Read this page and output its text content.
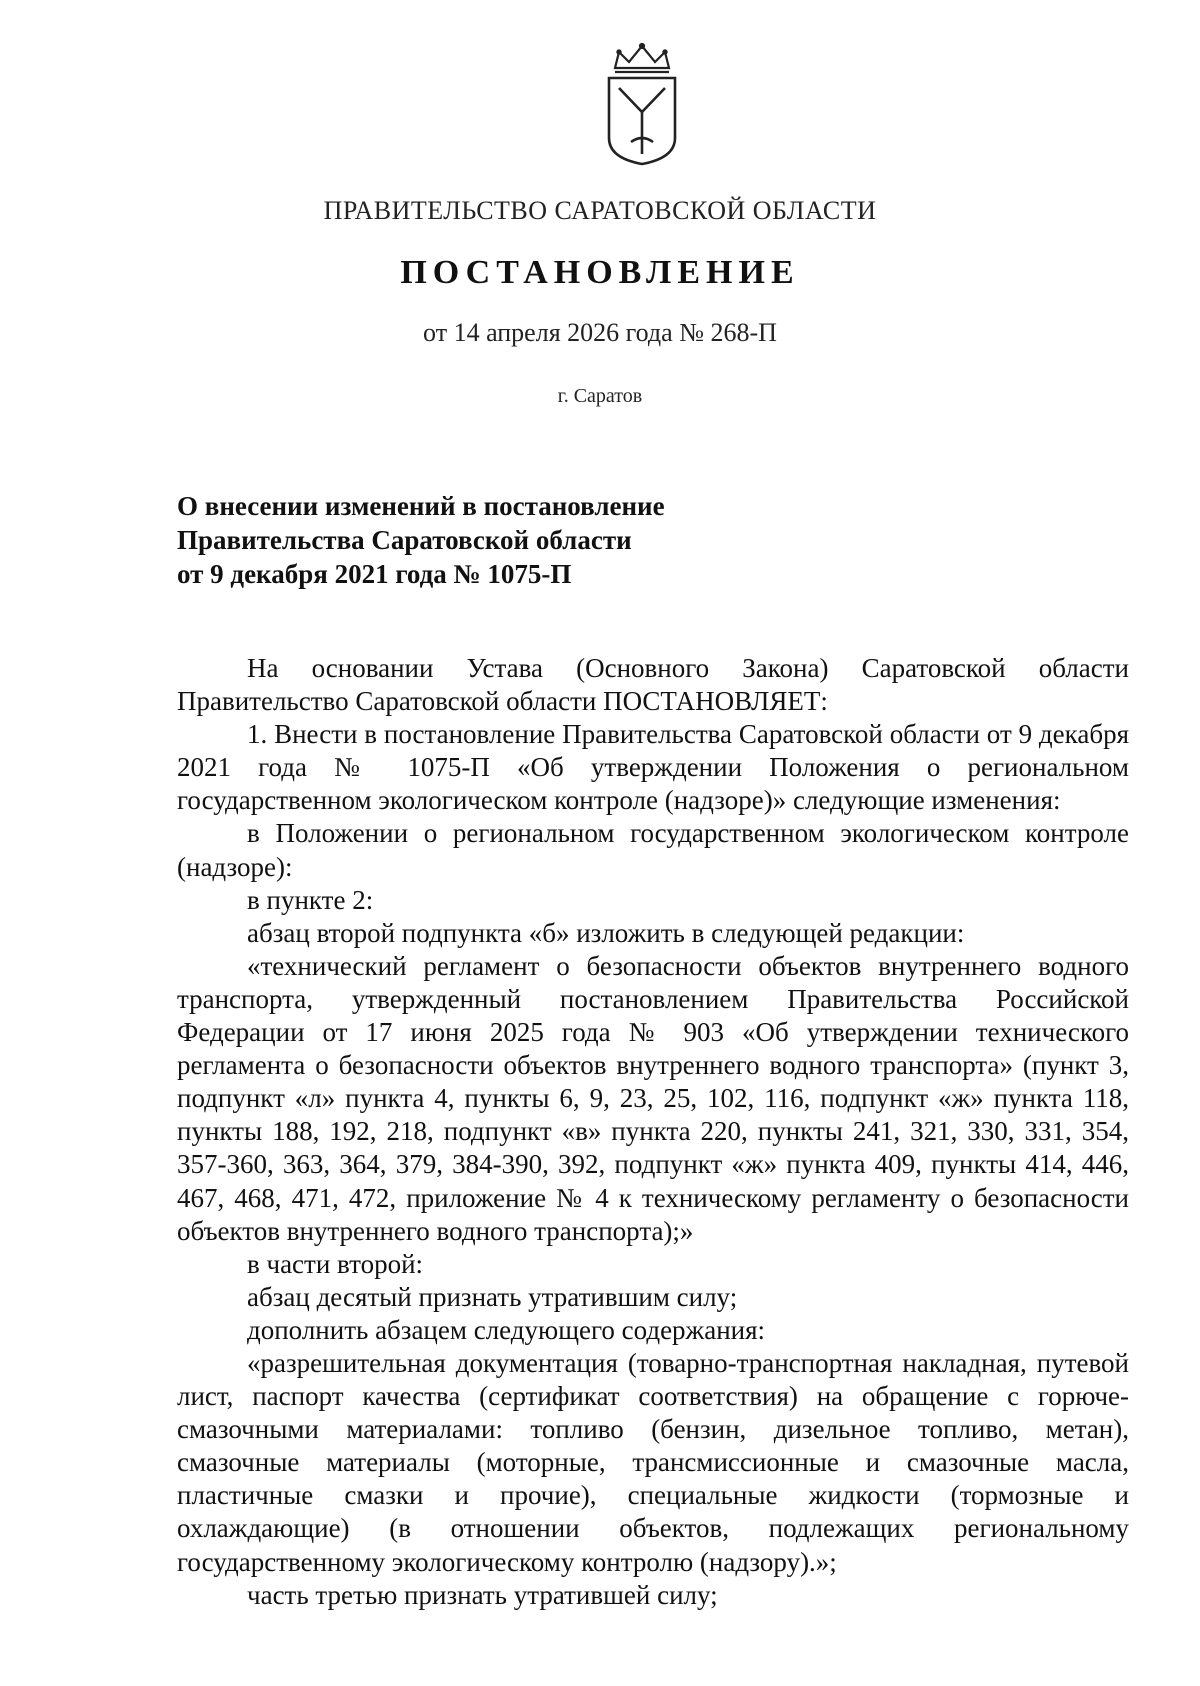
ПРАВИТЕЛЬСТВО САРАТОВСКОЙ ОБЛАСТИ
ПОСТАНОВЛЕНИЕ
от 14 апреля 2026 года № 268-П
г. Саратов
О внесении изменений в постановление
Правительства Саратовской области
от 9 декабря 2021 года № 1075-П

На основании Устава (Основного Закона) Саратовской области Правительство Саратовской области ПОСТАНОВЛЯЕТ:

1. Внести в постановление Правительства Саратовской области от 9 декабря 2021 года № 1075-П «Об утверждении Положения о региональном государственном экологическом контроле (надзоре)» следующие изменения:

в Положении о региональном государственном экологическом контроле (надзоре):

в пункте 2:

абзац второй подпункта «б» изложить в следующей редакции:

«технический регламент о безопасности объектов внутреннего водного транспорта, утвержденный постановлением Правительства Российской Федерации от 17 июня 2025 года № 903 «Об утверждении технического регламента о безопасности объектов внутреннего водного транспорта» (пункт 3, подпункт «л» пункта 4, пункты 6, 9, 23, 25, 102, 116, подпункт «ж» пункта 118, пункты 188, 192, 218, подпункт «в» пункта 220, пункты 241, 321, 330, 331, 354, 357-360, 363, 364, 379, 384-390, 392, подпункт «ж» пункта 409, пункты 414, 446, 467, 468, 471, 472, приложение № 4 к техническому регламенту о безопасности объектов внутреннего водного транспорта);»

в части второй:

абзац десятый признать утратившим силу;

дополнить абзацем следующего содержания:

«разрешительная документация (товарно-транспортная накладная, путевой лист, паспорт качества (сертификат соответствия) на обращение с горюче-смазочными материалами: топливо (бензин, дизельное топливо, метан), смазочные материалы (моторные, трансмиссионные и смазочные масла, пластичные смазки и прочие), специальные жидкости (тормозные и охлаждающие) (в отношении объектов, подлежащих региональному государственному экологическому контролю (надзору).»;

часть третью признать утратившей силу;
